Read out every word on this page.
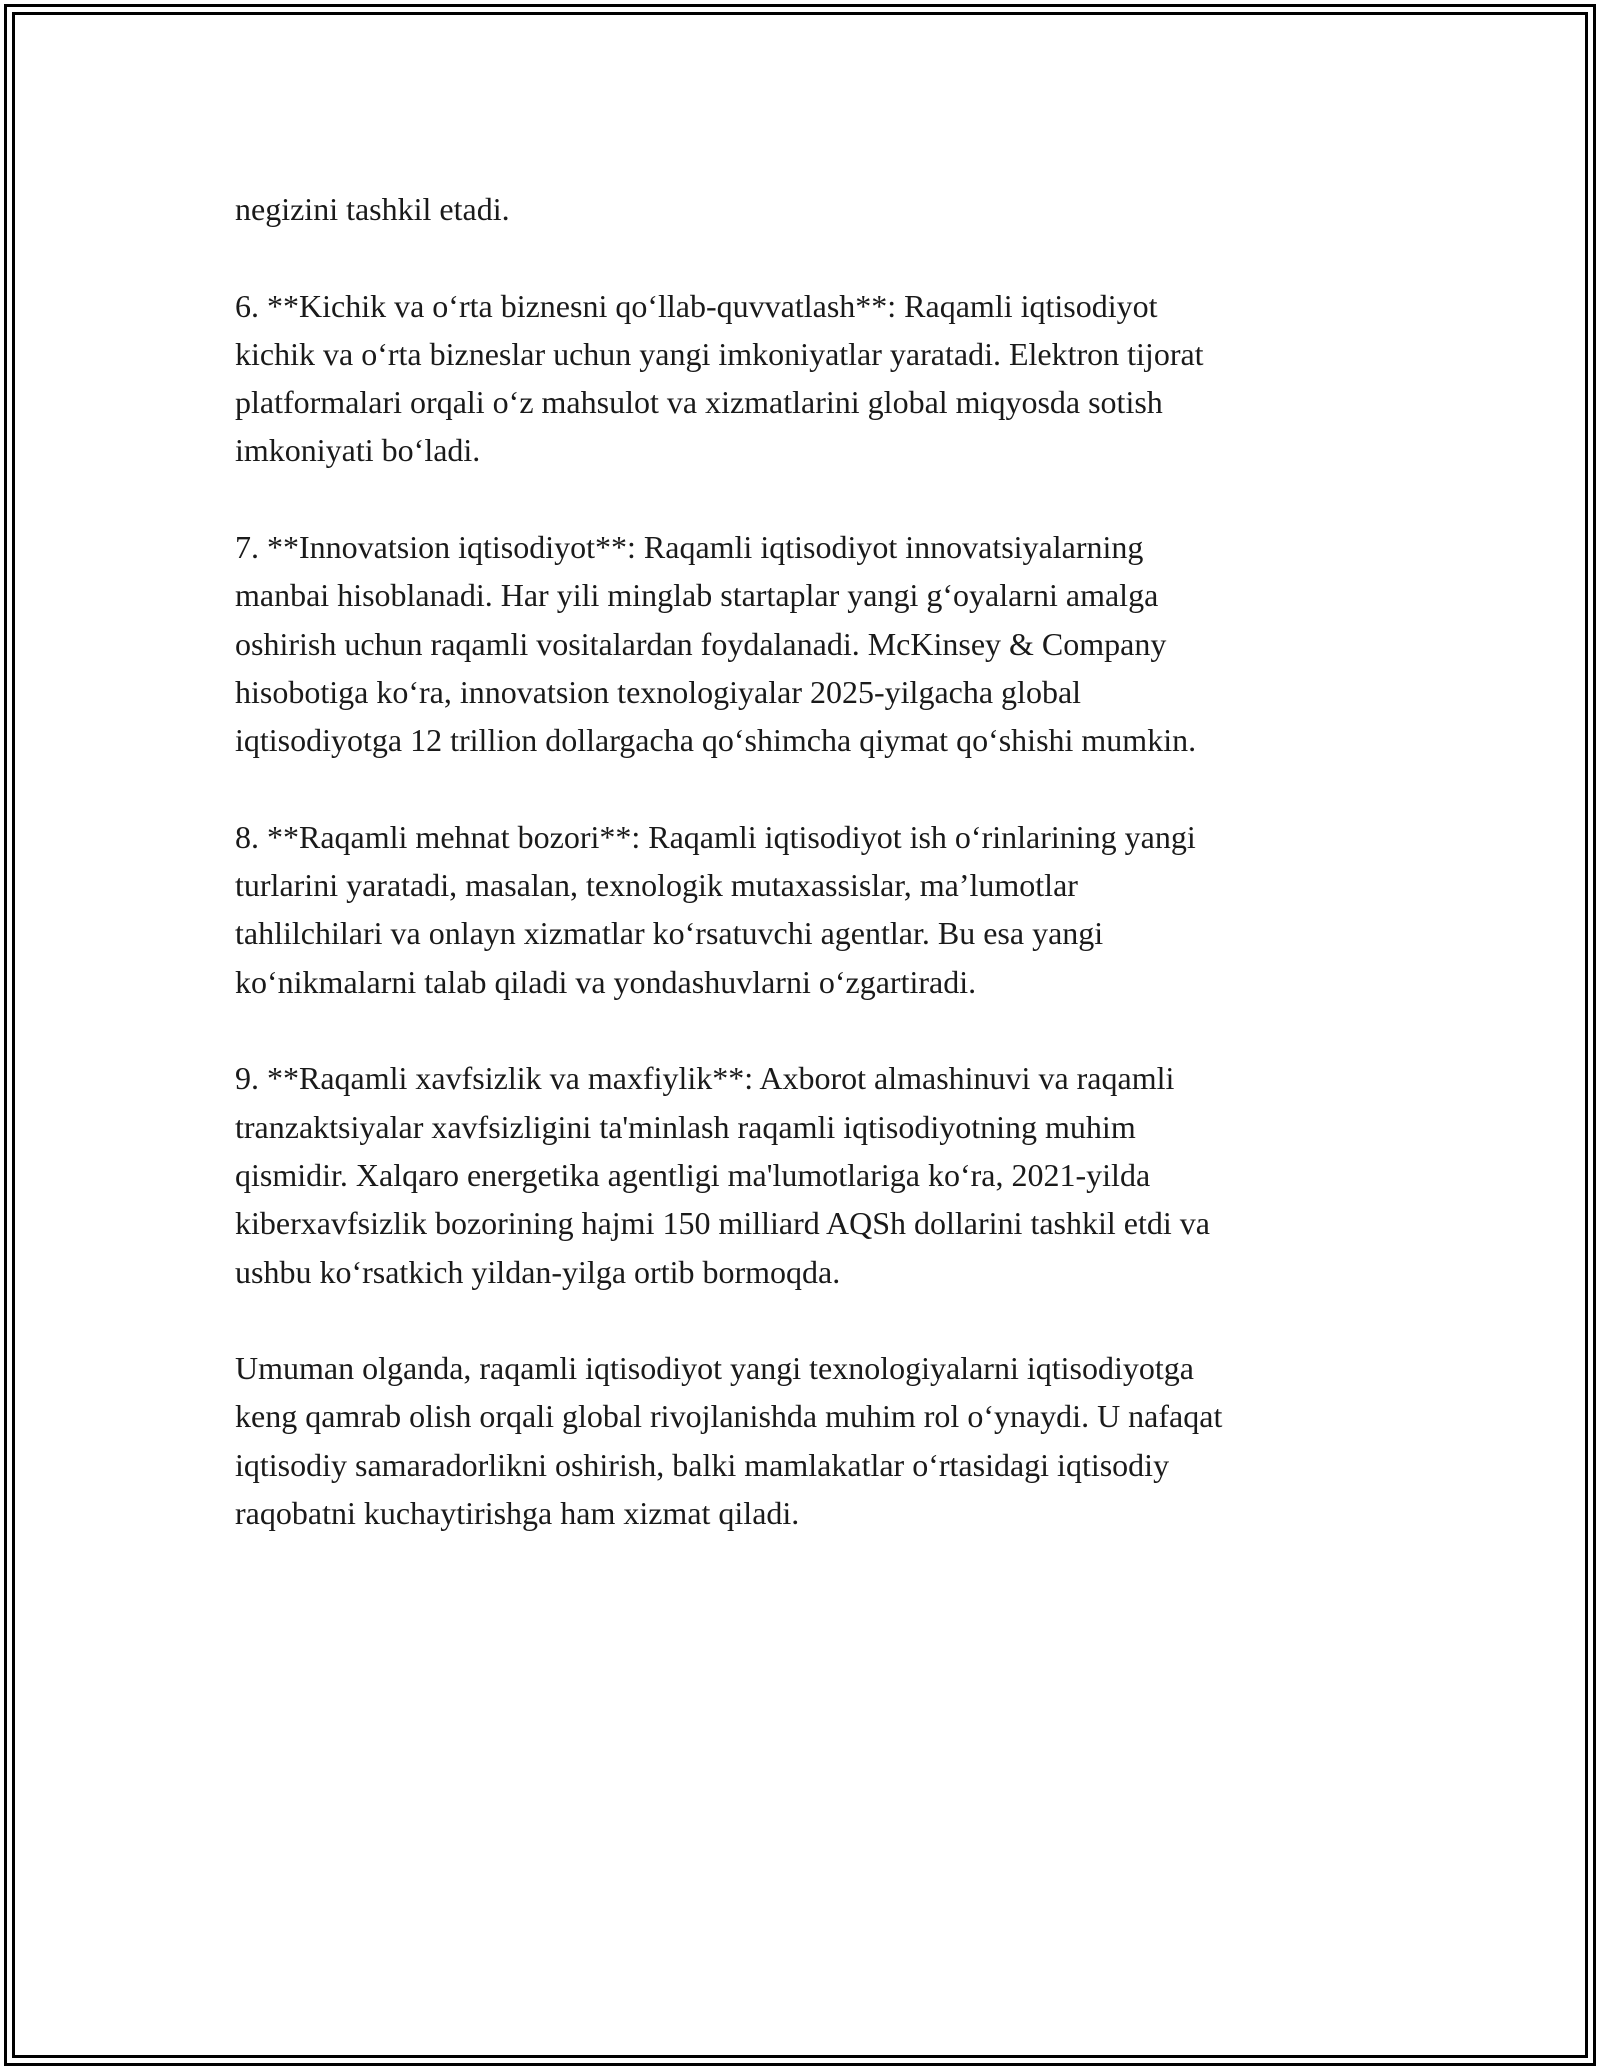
negizini tashkil etadi.

6. **Kichik va o‘rta biznesni qo‘llab-quvvatlash**: Raqamli iqtisodiyot
kichik va o‘rta bizneslar uchun yangi imkoniyatlar yaratadi. Elektron tijorat
platformalari orqali o‘z mahsulot va xizmatlarini global miqyosda sotish
imkoniyati bo‘ladi.

7. **Innovatsion iqtisodiyot**: Raqamli iqtisodiyot innovatsiyalarning
manbai hisoblanadi. Har yili minglab startaplar yangi g‘oyalarni amalga
oshirish uchun raqamli vositalardan foydalanadi. McKinsey & Company
hisobotiga ko‘ra, innovatsion texnologiyalar 2025-yilgacha global
iqtisodiyotga 12 trillion dollargacha qo‘shimcha qiymat qo‘shishi mumkin.

8. **Raqamli mehnat bozori**: Raqamli iqtisodiyot ish o‘rinlarining yangi
turlarini yaratadi, masalan, texnologik mutaxassislar, ma’lumotlar
tahlilchilari va onlayn xizmatlar ko‘rsatuvchi agentlar. Bu esa yangi
ko‘nikmalarni talab qiladi va yondashuvlarni o‘zgartiradi.

9. **Raqamli xavfsizlik va maxfiylik**: Axborot almashinuvi va raqamli
tranzaktsiyalar xavfsizligini ta'minlash raqamli iqtisodiyotning muhim
qismidir. Xalqaro energetika agentligi ma'lumotlariga ko‘ra, 2021-yilda
kiberxavfsizlik bozorining hajmi 150 milliard AQSh dollarini tashkil etdi va
ushbu ko‘rsatkich yildan-yilga ortib bormoqda.

Umuman olganda, raqamli iqtisodiyot yangi texnologiyalarni iqtisodiyotga
keng qamrab olish orqali global rivojlanishda muhim rol o‘ynaydi. U nafaqat
iqtisodiy samaradorlikni oshirish, balki mamlakatlar o‘rtasidagi iqtisodiy
raqobatni kuchaytirishga ham xizmat qiladi.
